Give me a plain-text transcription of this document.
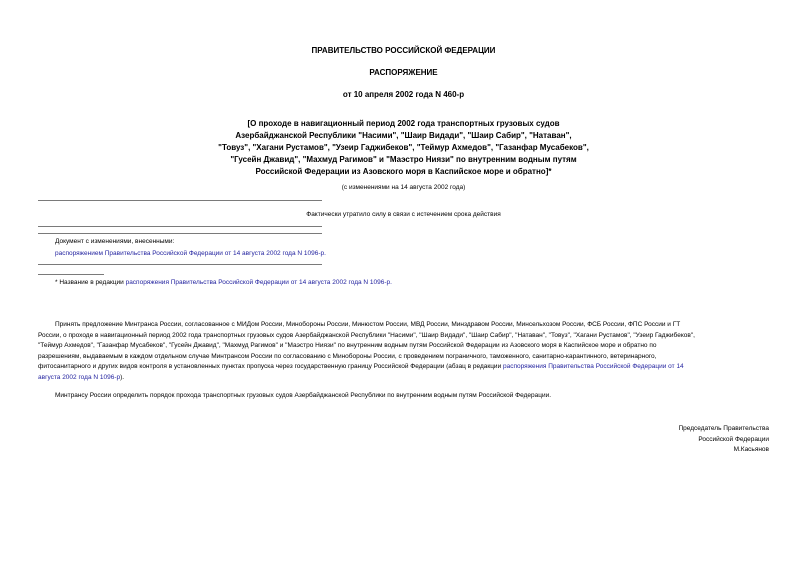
ПРАВИТЕЛЬСТВО РОССИЙСКОЙ ФЕДЕРАЦИИ
РАСПОРЯЖЕНИЕ
от 10 апреля 2002 года N 460-р
[О проходе в навигационный период 2002 года транспортных грузовых судов
Азербайджанской Республики "Насими", "Шаир Видади", "Шаир Сабир", "Натаван",
"Товуз", "Хагани Рустамов", "Узеир Гаджибеков", "Теймур Ахмедов", "Газанфар Мусабеков",
"Гусейн Джавид", "Махмуд Рагимов" и "Маэстро Ниязи" по внутренним водным путям
Российской Федерации из Азовского моря в Каспийское море и обратно]*
(с изменениями на 14 августа 2002 года)
Фактически утратило силу в связи с истечением срока действия
Документ с изменениями, внесенными:
распоряжением Правительства Российской Федерации от 14 августа 2002 года N 1096-р.
* Название в редакции распоряжения Правительства Российской Федерации от 14 августа 2002 года N 1096-р.
Принять предложение Минтранса России, согласованное с МИДом России, Минобороны России, Минюстом России, МВД России, Минздравом России, Минсельхозом России, ФСБ России, ФПС России и ГТ
России, о проходе в навигационный период 2002 года транспортных грузовых судов Азербайджанской Республики "Насими", "Шаир Видади", "Шаир Сабир", "Натаван", "Товуз", "Хагани Рустамов", "Узеир Гаджибеков",
"Теймур Ахмедов", "Газанфар Мусабеков", "Гусейн Джавид", "Махмуд Рагимов" и "Маэстро Ниязи" по внутренним водным путям Российской Федерации из Азовского моря в Каспийское море и обратно по
разрешениям, выдаваемым в каждом отдельном случае Минтрансом России по согласованию с Минобороны России, с проведением пограничного, таможенного, санитарно-карантинного, ветеринарного,
фитосанитарного и других видов контроля в установленных пунктах пропуска через государственную границу Российской Федерации (абзац в редакции распоряжения Правительства Российской Федерации от 14
августа 2002 года N 1096-р).
Минтрансу России определить порядок прохода транспортных грузовых судов Азербайджанской Республики по внутренним водным путям Российской Федерации.
Председатель Правительства
Российской Федерации
М.Касьянов
